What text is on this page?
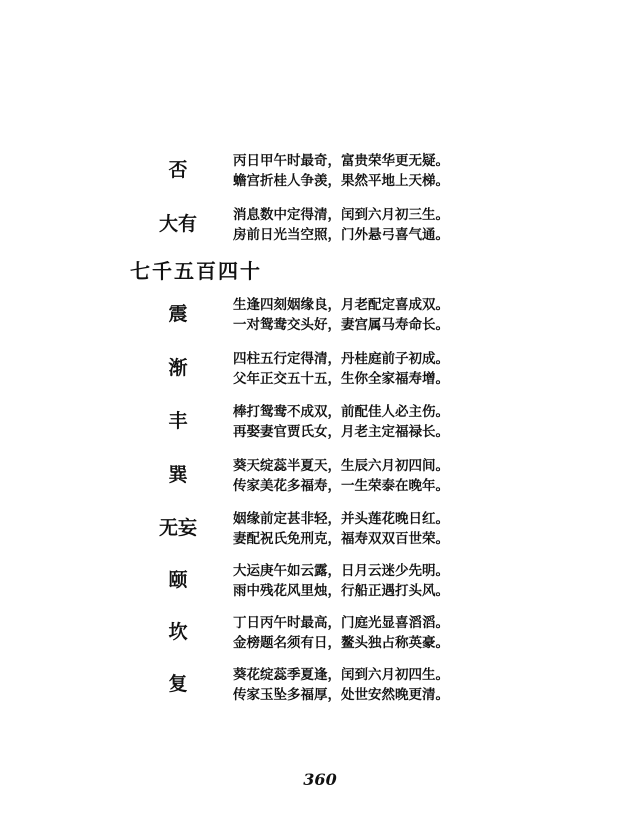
否	丙日甲午时最奇，富贵荣华更无疑。
蟾宫折桂人争羡，果然平地上天梯。
大有	消息数中定得清，闰到六月初三生。
房前日光当空照，门外悬弓喜气通。
七千五百四十
震	生逢四刻姻缘良，月老配定喜成双。
一对鸳鸯交头好，妻宫属马寿命长。
渐	四柱五行定得清，丹桂庭前子初成。
父年正交五十五，生你全家福寿增。
丰	棒打鸳鸯不成双，前配佳人必主伤。
再娶妻官贾氏女，月老主定福禄长。
巽	葵天绽蕊半夏天，生辰六月初四间。
传家美花多福寿，一生荣泰在晚年。
无妄	姻缘前定甚非轻，并头莲花晚日红。
妻配祝氏免刑克，福寿双双百世荣。
颐	大运庚午如云露，日月云迷少先明。
雨中残花风里烛，行船正遇打头风。
坎	丁日丙午时最高，门庭光显喜滔滔。
金榜题名须有日，鳌头独占称英豪。
复	葵花绽蕊季夏逢，闰到六月初四生。
传家玉坠多福厚，处世安然晚更清。
360
